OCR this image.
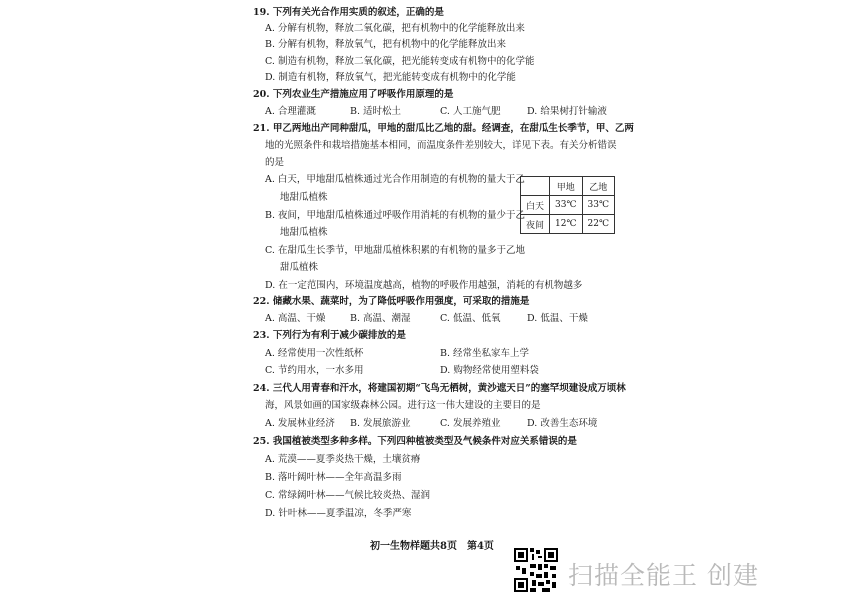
19. 下列有关光合作用实质的叙述，正确的是
A. 分解有机物，释放二氧化碳，把有机物中的化学能释放出来
B. 分解有机物，释放氧气，把有机物中的化学能释放出来
C. 制造有机物，释放二氧化碳，把光能转变成有机物中的化学能
D. 制造有机物，释放氧气，把光能转变成有机物中的化学能
20. 下列农业生产措施应用了呼吸作用原理的是
A. 合理灌溉	B. 适时松土	C. 人工施气肥	D. 给果树打针输液
21. 甲乙两地出产同种甜瓜，甲地的甜瓜比乙地的甜。经调查，在甜瓜生长季节，甲、乙两
地的光照条件和栽培措施基本相同，而温度条件差别较大，详见下表。有关分析错误
的是
A. 白天，甲地甜瓜植株通过光合作用制造的有机物的量大于乙
地甜瓜植株
B. 夜间，甲地甜瓜植株通过呼吸作用消耗的有机物的量少于乙
地甜瓜植株
C. 在甜瓜生长季节，甲地甜瓜植株积累的有机物的量多于乙地
甜瓜植株
D. 在一定范围内，环境温度越高，植物的呼吸作用越强，消耗的有机物越多
	甲地	乙地
白天	33℃	33℃
夜间	12℃	22℃
22. 储藏水果、蔬菜时，为了降低呼吸作用强度，可采取的措施是
A. 高温、干燥	B. 高温、潮湿	C. 低温、低氧	D. 低温、干燥
23. 下列行为有利于减少碳排放的是
A. 经常使用一次性纸杯	B. 经常坐私家车上学
C. 节约用水，一水多用	D. 购物经常使用塑料袋
24. 三代人用青春和汗水，将建国初期“飞鸟无栖树，黄沙遮天日”的塞罕坝建设成万顷林
海，风景如画的国家级森林公园。进行这一伟大建设的主要目的是
A. 发展林业经济 B. 发展旅游业	C. 发展养殖业	D. 改善生态环境
25. 我国植被类型多种多样。下列四种植被类型及气候条件对应关系错误的是
A. 荒漠——夏季炎热干燥，土壤贫瘠
B. 落叶阔叶林——全年高温多雨
C. 常绿阔叶林——气候比较炎热、湿润
D. 针叶林——夏季温凉，冬季严寒
初一生物样题共8页　第4页
扫描全能王 创建
